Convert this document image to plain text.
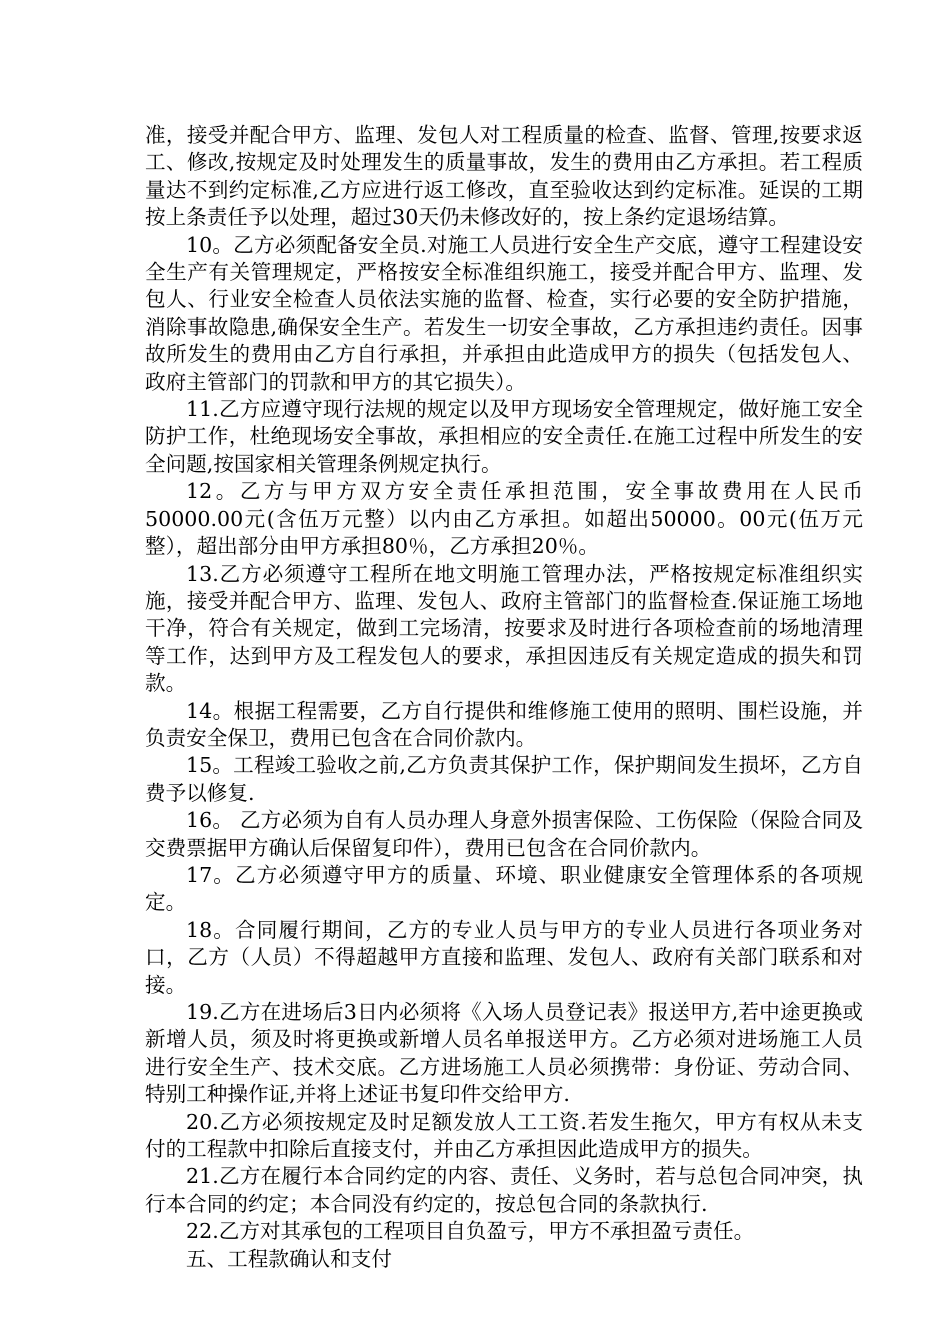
准，接受并配合甲方、监理、发包人对工程质量的检查、监督、管理,按要求返工、修改,按规定及时处理发生的质量事故，发生的费用由乙方承担。若工程质量达不到约定标准,乙方应进行返工修改，直至验收达到约定标准。延误的工期按上条责任予以处理，超过30天仍未修改好的，按上条约定退场结算。

10。乙方必须配备安全员.对施工人员进行安全生产交底，遵守工程建设安全生产有关管理规定，严格按安全标准组织施工，接受并配合甲方、监理、发包人、行业安全检查人员依法实施的监督、检查，实行必要的安全防护措施，消除事故隐患,确保安全生产。若发生一切安全事故，乙方承担违约责任。因事故所发生的费用由乙方自行承担，并承担由此造成甲方的损失（包括发包人、政府主管部门的罚款和甲方的其它损失）。

11.乙方应遵守现行法规的规定以及甲方现场安全管理规定，做好施工安全防护工作，杜绝现场安全事故，承担相应的安全责任.在施工过程中所发生的安全问题,按国家相关管理条例规定执行。

12。乙方与甲方双方安全责任承担范围，安全事故费用在人民币50000.00元(含伍万元整）以内由乙方承担。如超出50000。00元(伍万元整），超出部分由甲方承担80％，乙方承担20％。

13.乙方必须遵守工程所在地文明施工管理办法，严格按规定标准组织实施，接受并配合甲方、监理、发包人、政府主管部门的监督检查.保证施工场地干净，符合有关规定，做到工完场清，按要求及时进行各项检查前的场地清理等工作，达到甲方及工程发包人的要求，承担因违反有关规定造成的损失和罚款。

14。根据工程需要，乙方自行提供和维修施工使用的照明、围栏设施，并负责安全保卫，费用已包含在合同价款内。

15。工程竣工验收之前,乙方负责其保护工作，保护期间发生损坏，乙方自费予以修复.

16。 乙方必须为自有人员办理人身意外损害保险、工伤保险（保险合同及交费票据甲方确认后保留复印件），费用已包含在合同价款内。

17。乙方必须遵守甲方的质量、环境、职业健康安全管理体系的各项规定。

18。合同履行期间，乙方的专业人员与甲方的专业人员进行各项业务对口，乙方（人员）不得超越甲方直接和监理、发包人、政府有关部门联系和对接。

19.乙方在进场后3日内必须将《入场人员登记表》报送甲方,若中途更换或新增人员，须及时将更换或新增人员名单报送甲方。乙方必须对进场施工人员进行安全生产、技术交底。乙方进场施工人员必须携带：身份证、劳动合同、特别工种操作证,并将上述证书复印件交给甲方.

20.乙方必须按规定及时足额发放人工工资.若发生拖欠，甲方有权从未支付的工程款中扣除后直接支付，并由乙方承担因此造成甲方的损失。

21.乙方在履行本合同约定的内容、责任、义务时，若与总包合同冲突，执行本合同的约定；本合同没有约定的，按总包合同的条款执行.

22.乙方对其承包的工程项目自负盈亏，甲方不承担盈亏责任。

五、工程款确认和支付
